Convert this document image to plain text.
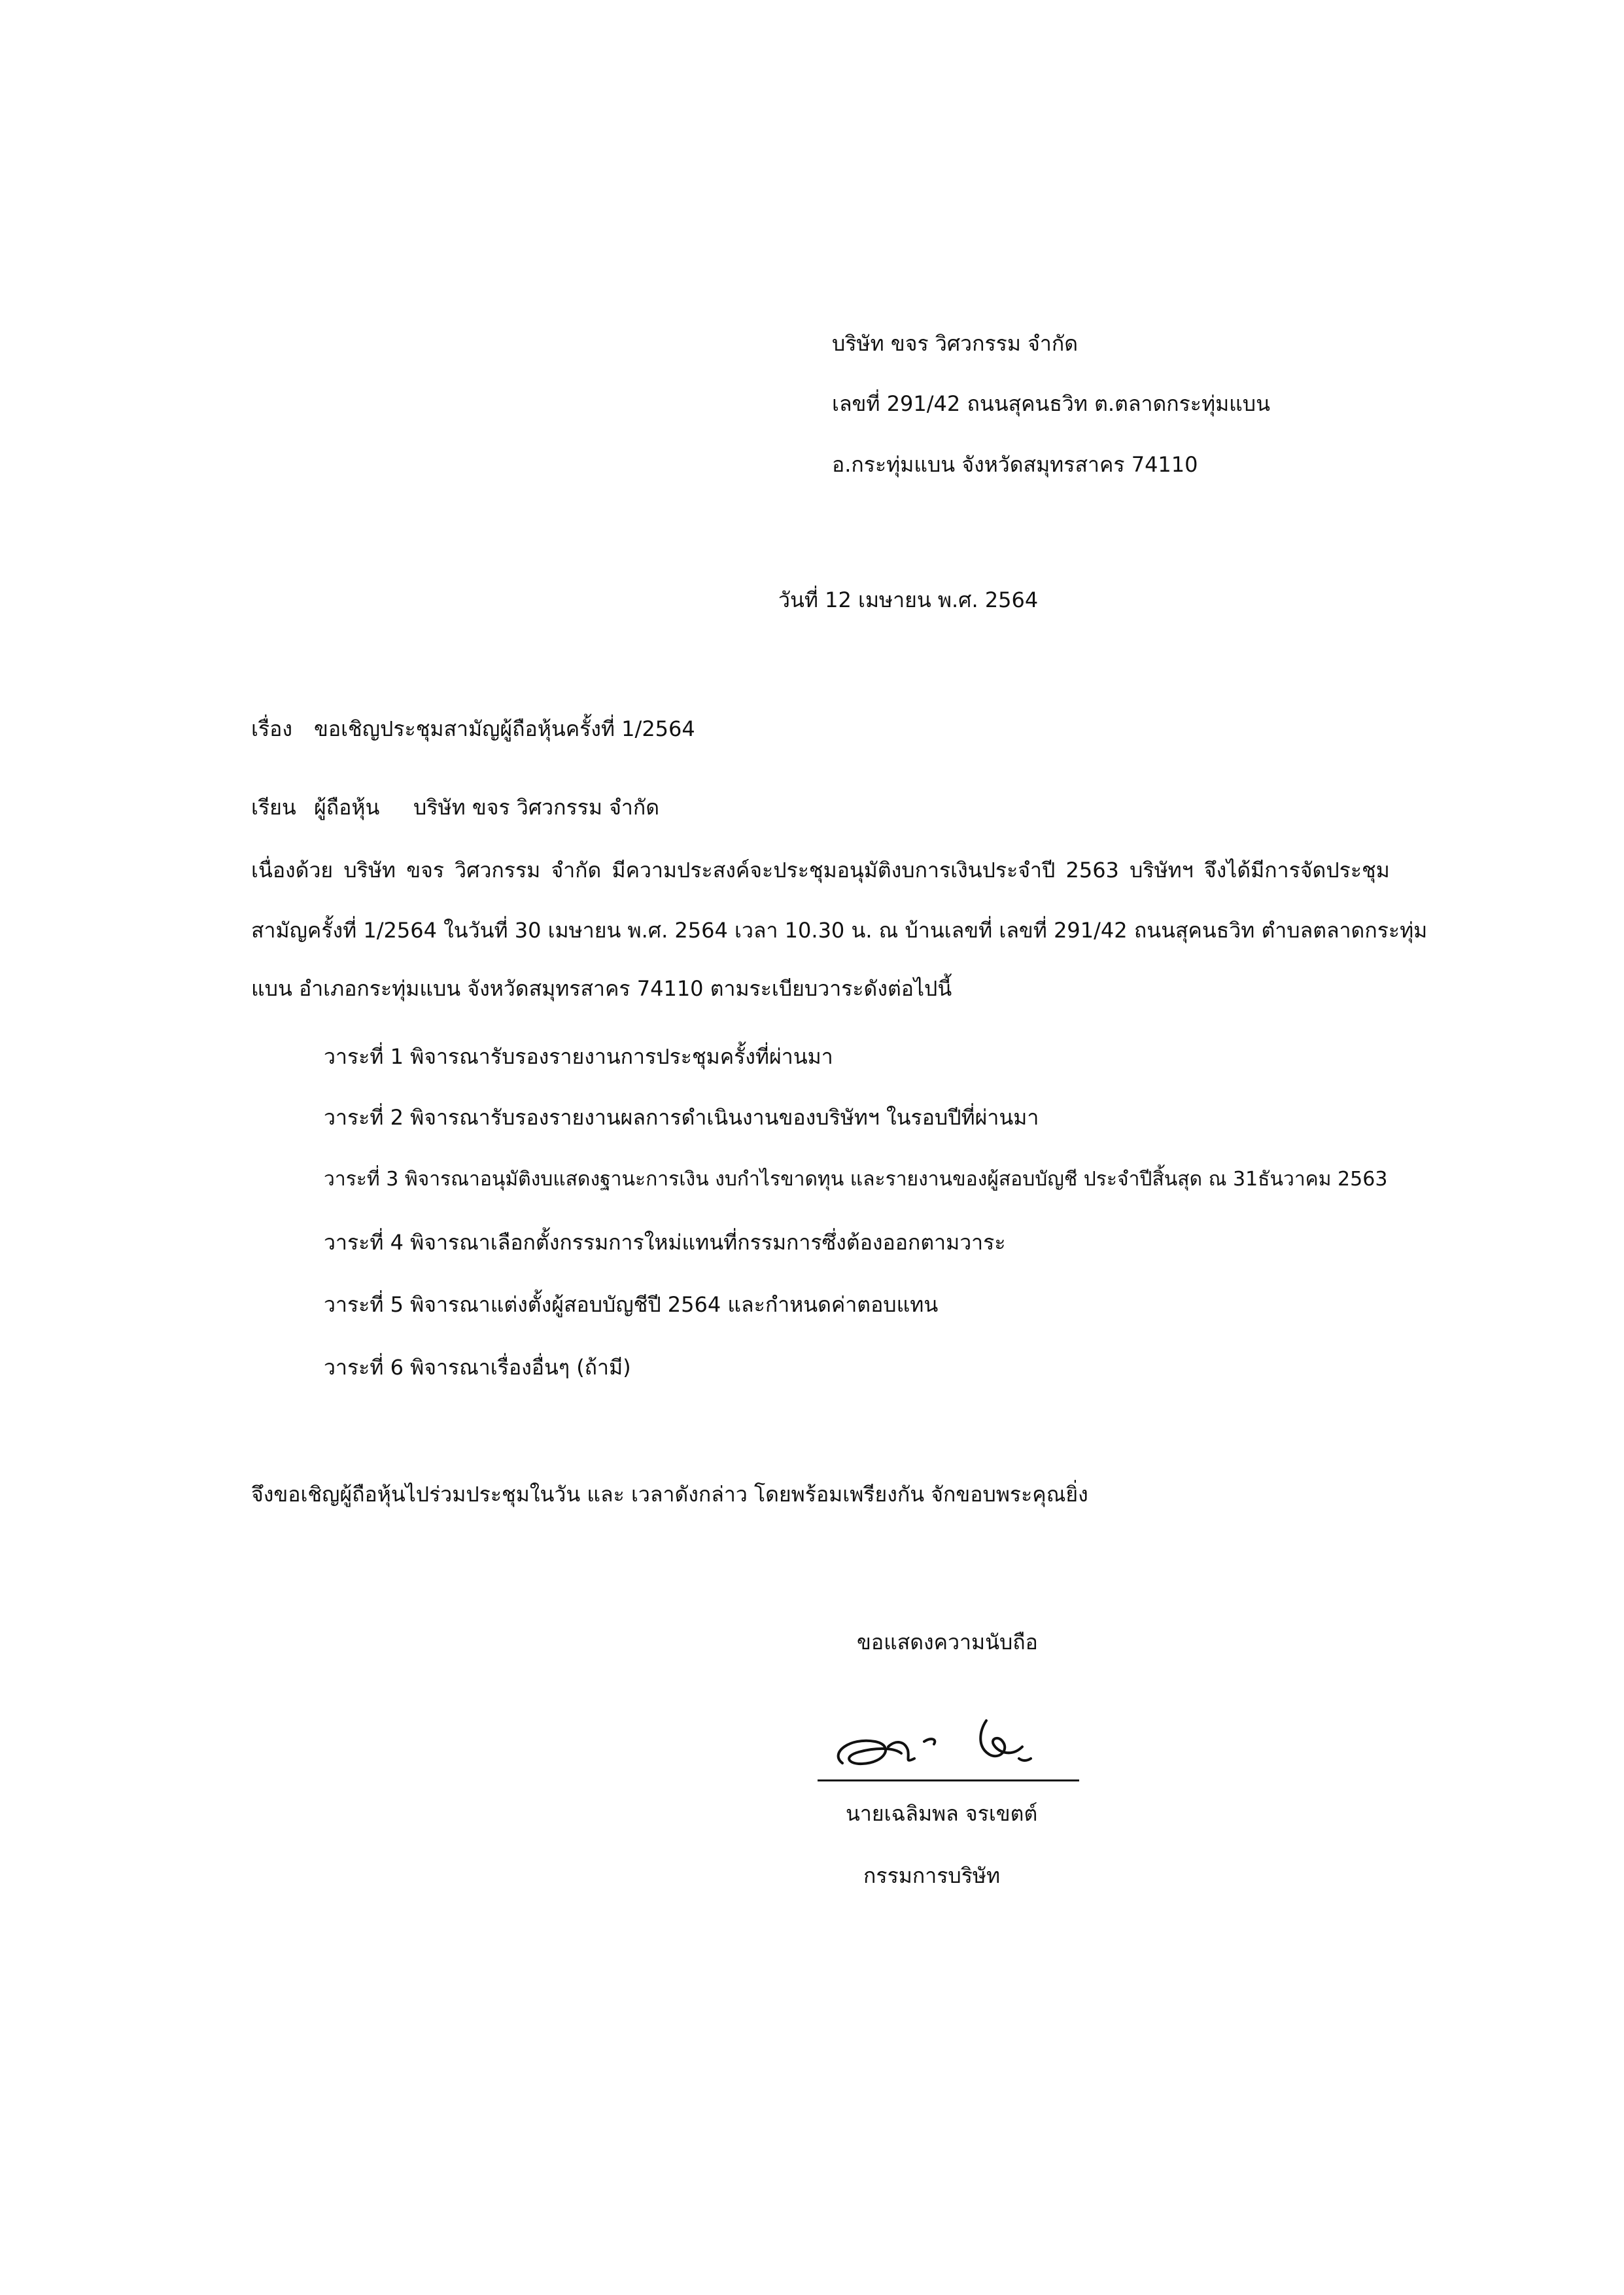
บริษัท ขจร วิศวกรรม จำกัด
เลขที่ 291/42 ถนนสุคนธวิท ต.ตลาดกระทุ่มแบน
อ.กระทุ่มแบน จังหวัดสมุทรสาคร 74110
วันที่ 12 เมษายน พ.ศ. 2564
เรื่อง ขอเชิญประชุมสามัญผู้ถือหุ้นครั้งที่ 1/2564
เรียน ผู้ถือหุ้น บริษัท ขจร วิศวกรรม จำกัด
เนื่องด้วย บริษัท ขจร วิศวกรรม จำกัด มีความประสงค์จะประชุมอนุมัติงบการเงินประจำปี 2563 บริษัทฯ จึงได้มีการจัดประชุม
สามัญครั้งที่ 1/2564 ในวันที่ 30 เมษายน พ.ศ. 2564 เวลา 10.30 น. ณ บ้านเลขที่ เลขที่ 291/42 ถนนสุคนธวิท ตำบลตลาดกระทุ่ม
แบน อำเภอกระทุ่มแบน จังหวัดสมุทรสาคร 74110 ตามระเบียบวาระดังต่อไปนี้
วาระที่ 1 พิจารณารับรองรายงานการประชุมครั้งที่ผ่านมา
วาระที่ 2 พิจารณารับรองรายงานผลการดำเนินงานของบริษัทฯ ในรอบปีที่ผ่านมา
วาระที่ 3 พิจารณาอนุมัติงบแสดงฐานะการเงิน งบกำไรขาดทุน และรายงานของผู้สอบบัญชี ประจำปีสิ้นสุด ณ 31ธันวาคม 2563
วาระที่ 4 พิจารณาเลือกตั้งกรรมการใหม่แทนที่กรรมการซึ่งต้องออกตามวาระ
วาระที่ 5 พิจารณาแต่งตั้งผู้สอบบัญชีปี 2564 และกำหนดค่าตอบแทน
วาระที่ 6 พิจารณาเรื่องอื่นๆ (ถ้ามี)
จึงขอเชิญผู้ถือหุ้นไปร่วมประชุมในวัน และ เวลาดังกล่าว โดยพร้อมเพรียงกัน จักขอบพระคุณยิ่ง
ขอแสดงความนับถือ
นายเฉลิมพล จรเขตต์
กรรมการบริษัท
